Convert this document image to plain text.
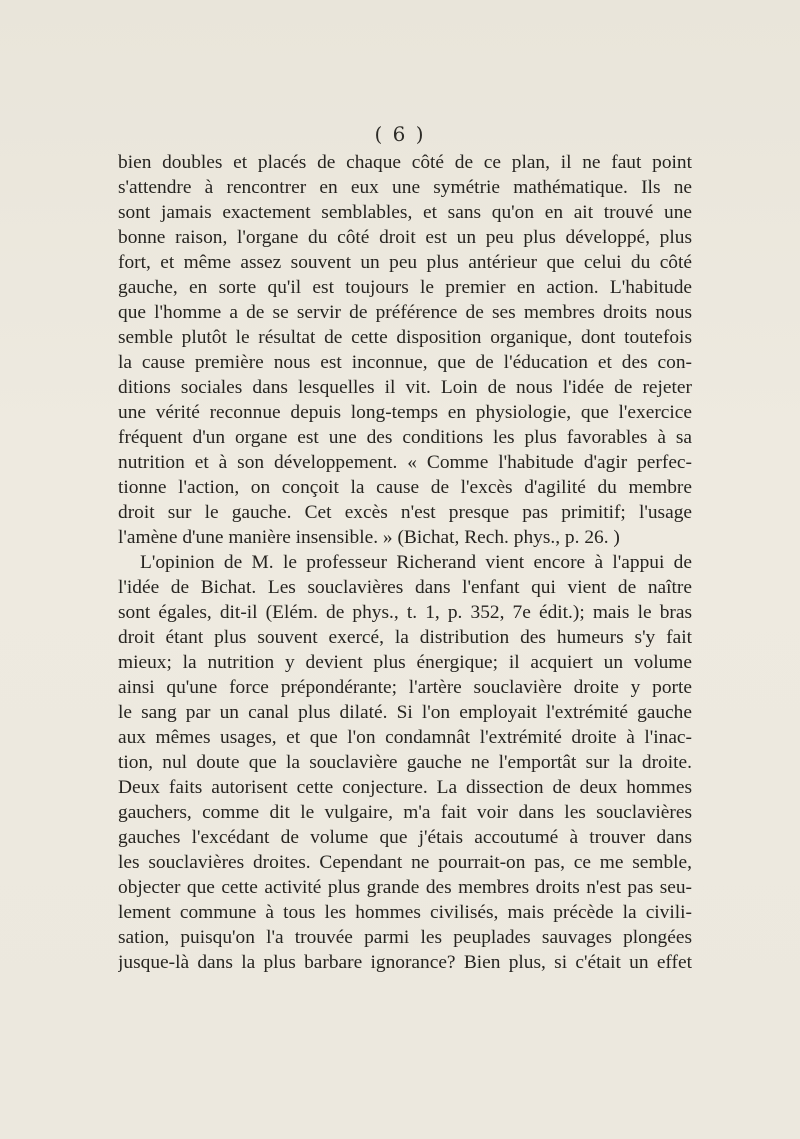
( 6 )
bien doubles et placés de chaque côté de ce plan, il ne faut point
s'attendre à rencontrer en eux une symétrie mathématique. Ils ne
sont jamais exactement semblables, et sans qu'on en ait trouvé une
bonne raison, l'organe du côté droit est un peu plus développé, plus
fort, et même assez souvent un peu plus antérieur que celui du côté
gauche, en sorte qu'il est toujours le premier en action. L'habitude
que l'homme a de se servir de préférence de ses membres droits nous
semble plutôt le résultat de cette disposition organique, dont toutefois
la cause première nous est inconnue, que de l'éducation et des con-
ditions sociales dans lesquelles il vit. Loin de nous l'idée de rejeter
une vérité reconnue depuis long-temps en physiologie, que l'exercice
fréquent d'un organe est une des conditions les plus favorables à sa
nutrition et à son développement. « Comme l'habitude d'agir perfec-
tionne l'action, on conçoit la cause de l'excès d'agilité du membre
droit sur le gauche. Cet excès n'est presque pas primitif; l'usage
l'amène d'une manière insensible. » (Bichat, Rech. phys., p. 26. )
L'opinion de M. le professeur Richerand vient encore à l'appui de
l'idée de Bichat. Les souclavières dans l'enfant qui vient de naître
sont égales, dit-il (Elém. de phys., t. 1, p. 352, 7e édit.); mais le bras
droit étant plus souvent exercé, la distribution des humeurs s'y fait
mieux; la nutrition y devient plus énergique; il acquiert un volume
ainsi qu'une force prépondérante; l'artère souclavière droite y porte
le sang par un canal plus dilaté. Si l'on employait l'extrémité gauche
aux mêmes usages, et que l'on condamnât l'extrémité droite à l'inac-
tion, nul doute que la souclavière gauche ne l'emportât sur la droite.
Deux faits autorisent cette conjecture. La dissection de deux hommes
gauchers, comme dit le vulgaire, m'a fait voir dans les souclavières
gauches l'excédant de volume que j'étais accoutumé à trouver dans
les souclavières droites. Cependant ne pourrait-on pas, ce me semble,
objecter que cette activité plus grande des membres droits n'est pas seu-
lement commune à tous les hommes civilisés, mais précède la civili-
sation, puisqu'on l'a trouvée parmi les peuplades sauvages plongées
jusque-là dans la plus barbare ignorance? Bien plus, si c'était un effet
